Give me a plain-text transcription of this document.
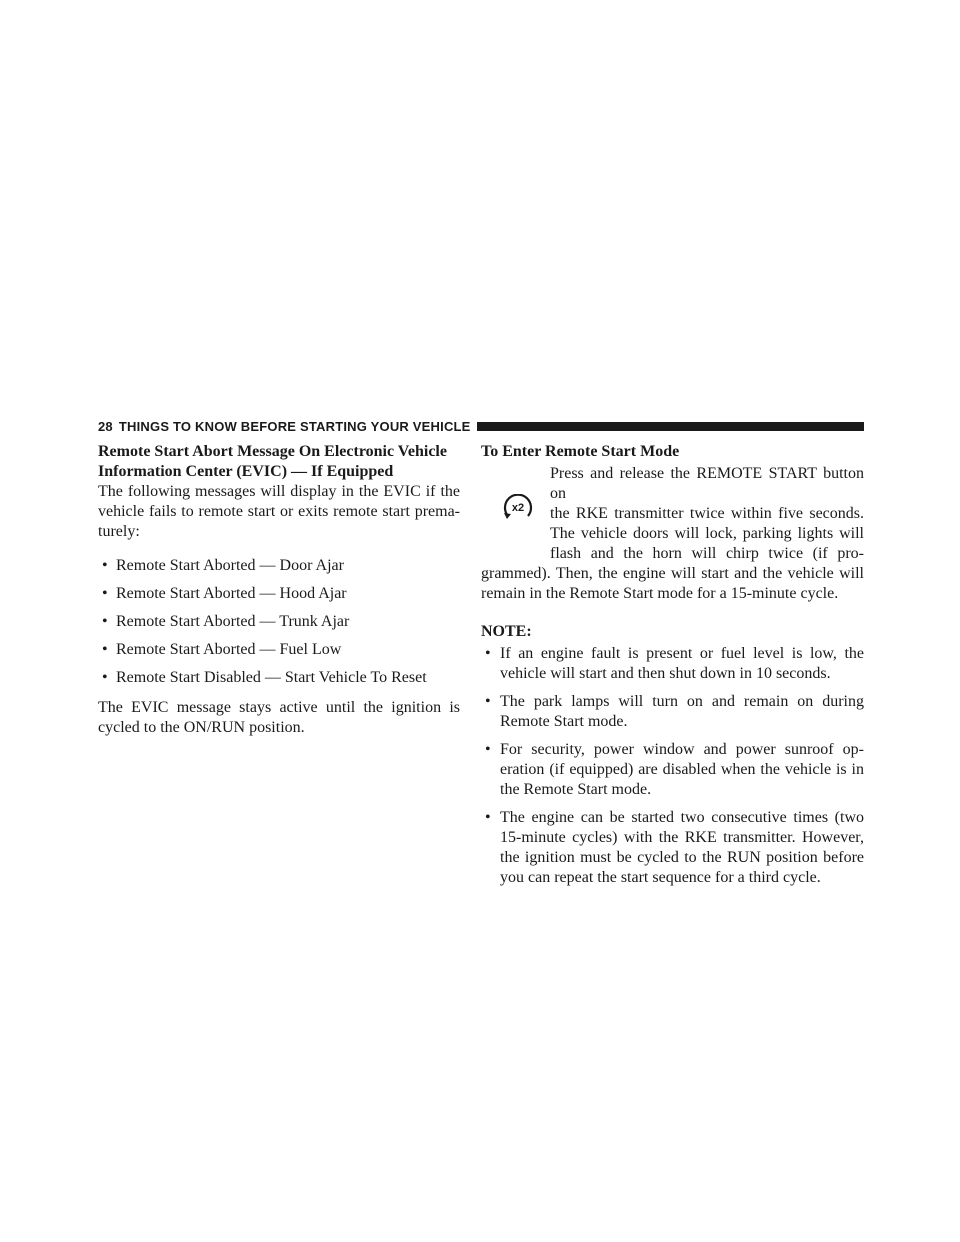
28 THINGS TO KNOW BEFORE STARTING YOUR VEHICLE

Remote Start Abort Message On Electronic Vehicle Information Center (EVIC) — If Equipped

The following messages will display in the EVIC if the vehicle fails to remote start or exits remote start prema-turely:

• Remote Start Aborted — Door Ajar
• Remote Start Aborted — Hood Ajar
• Remote Start Aborted — Trunk Ajar
• Remote Start Aborted — Fuel Low
• Remote Start Disabled — Start Vehicle To Reset

The EVIC message stays active until the ignition is cycled to the ON/RUN position.

To Enter Remote Start Mode

x2

Press and release the REMOTE START button on

the RKE transmitter twice within five seconds.

The vehicle doors will lock, parking lights will

flash and the horn will chirp twice (if pro-

grammed). Then, the engine will start and the vehicle will remain in the Remote Start mode for a 15-minute cycle.

NOTE:

• If an engine fault is present or fuel level is low, the vehicle will start and then shut down in 10 seconds.
• The park lamps will turn on and remain on during Remote Start mode.
• For security, power window and power sunroof op-eration (if equipped) are disabled when the vehicle is in the Remote Start mode.
• The engine can be started two consecutive times (two 15-minute cycles) with the RKE transmitter. However, the ignition must be cycled to the RUN position before you can repeat the start sequence for a third cycle.
